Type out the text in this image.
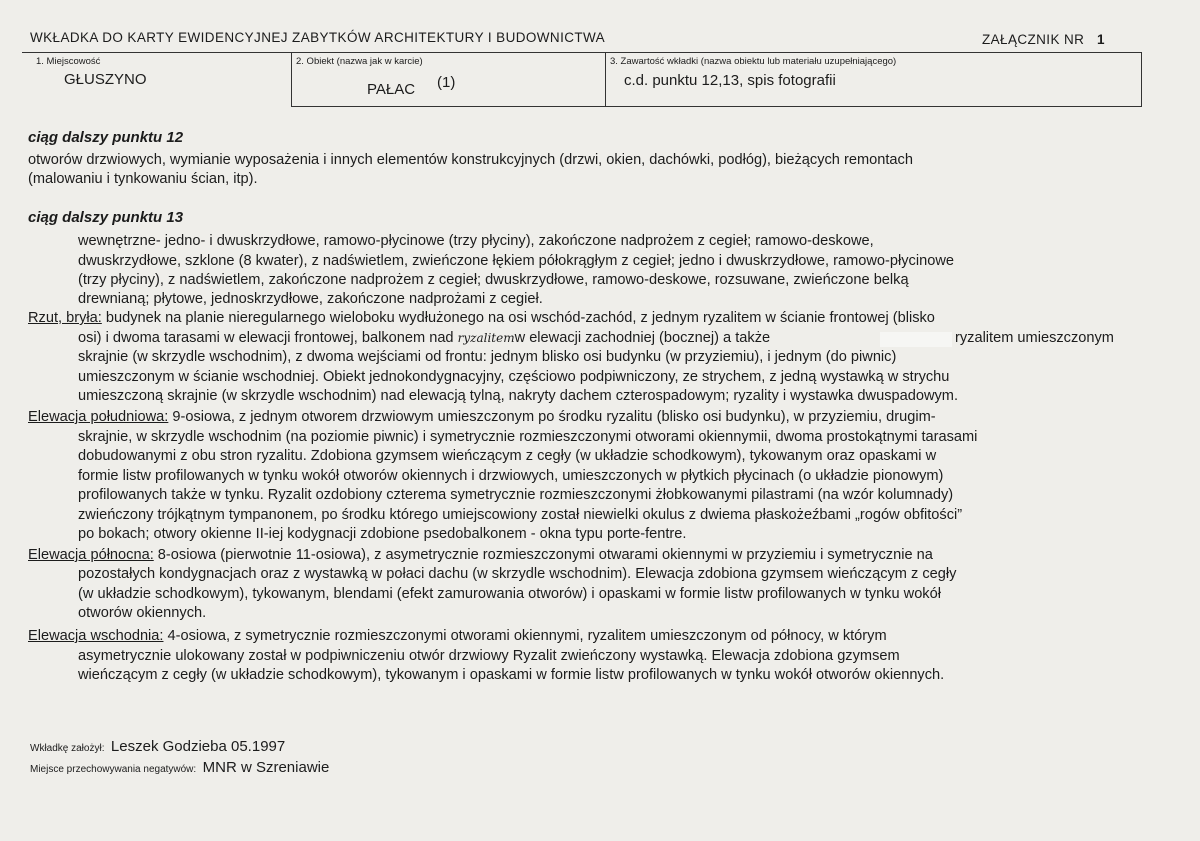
WKŁADKA DO KARTY EWIDENCYJNEJ ZABYTKÓW ARCHITEKTURY I BUDOWNICTWA	ZAŁĄCZNIK NR 1
1. Miejscowość
GŁUSZYNO
2. Obiekt (nazwa jak w karcie)
PAŁAC (1)
3. Zawartość wkładki (nazwa obiektu lub materiału uzupełniającego)
c.d. punktu 12,13, spis fotografii
ciąg dalszy punktu 12
otworów drzwiowych, wymianie wyposażenia i innych elementów konstrukcyjnych (drzwi, okien, dachówki, podłóg), bieżących remontach
(malowaniu i tynkowaniu ścian, itp).
ciąg dalszy punktu 13
wewnętrzne- jedno- i dwuskrzydłowe, ramowo-płycinowe (trzy płyciny), zakończone nadprożem z cegieł; ramowo-deskowe,
dwuskrzydłowe, szklone (8 kwater), z nadświetlem, zwieńczone łękiem półokrągłym z cegieł; jedno i dwuskrzydłowe, ramowo-płycinowe
(trzy płyciny), z nadświetlem, zakończone nadprożem z cegieł; dwuskrzydłowe, ramowo-deskowe, rozsuwane, zwieńczone belką
drewnianą; płytowe, jednoskrzydłowe, zakończone nadprożami z cegieł.
Rzut, bryła: budynek na planie nieregularnego wieloboku wydłużonego na osi wschód-zachód, z jednym ryzalitem w ścianie frontowej (blisko
osi) i dwoma tarasami w elewacji frontowej, balkonem nad ryzalitemw elewacji zachodniej (bocznej) a także	ryzalitem umieszczonym
skrajnie (w skrzydle wschodnim), z dwoma wejściami od frontu: jednym blisko osi budynku (w przyziemiu), i jednym (do piwnic)
umieszczonym w ścianie wschodniej. Obiekt jednokondygnacyjny, częściowo podpiwniczony, ze strychem, z jedną wystawką w strychu
umieszczoną skrajnie (w skrzydle wschodnim) nad elewacją tylną, nakryty dachem czterospadowym; ryzality i wystawka dwuspadowym.
Elewacja południowa: 9-osiowa, z jednym otworem drzwiowym umieszczonym po środku ryzalitu (blisko osi budynku), w przyziemiu, drugim-
skrajnie, w skrzydle wschodnim (na poziomie piwnic) i symetrycznie rozmieszczonymi otworami okiennymii, dwoma prostokątnymi tarasami
dobudowanymi z obu stron ryzalitu. Zdobiona gzymsem wieńczącym z cegły (w układzie schodkowym), tykowanym oraz opaskami w
formie listw profilowanych w tynku wokół otworów okiennych i drzwiowych, umieszczonych w płytkich płycinach (o układzie pionowym)
profilowanych także w tynku. Ryzalit ozdobiony czterema symetrycznie rozmieszczonymi żłobkowanymi pilastrami (na wzór kolumnady)
zwieńczony trójkątnym tympanonem, po środku którego umiejscowiony został niewielki okulus z dwiema płaskożeźbami „rogów obfitości”
po bokach; otwory okienne II-iej kodygnacji zdobione psedobalkonem - okna typu porte-fentre.
Elewacja północna: 8-osiowa (pierwotnie 11-osiowa), z asymetrycznie rozmieszczonymi otwarami okiennymi w przyziemiu i symetrycznie na
pozostałych kondygnacjach oraz z wystawką w połaci dachu (w skrzydle wschodnim). Elewacja zdobiona gzymsem wieńczącym z cegły
(w układzie schodkowym), tykowanym, blendami (efekt zamurowania otworów) i opaskami w formie listw profilowanych w tynku wokół
otworów okiennych.
Elewacja wschodnia: 4-osiowa, z symetrycznie rozmieszczonymi otworami okiennymi, ryzalitem umieszczonym od północy, w którym
asymetrycznie ulokowany został w podpiwniczeniu otwór drzwiowy Ryzalit zwieńczony wystawką. Elewacja zdobiona gzymsem
wieńczącym z cegły (w układzie schodkowym), tykowanym i opaskami w formie listw profilowanych w tynku wokół otworów okiennych.
Wkładkę założył: Leszek Godzieba 05.1997
Miejsce przechowywania negatywów: MNR w Szreniawie
